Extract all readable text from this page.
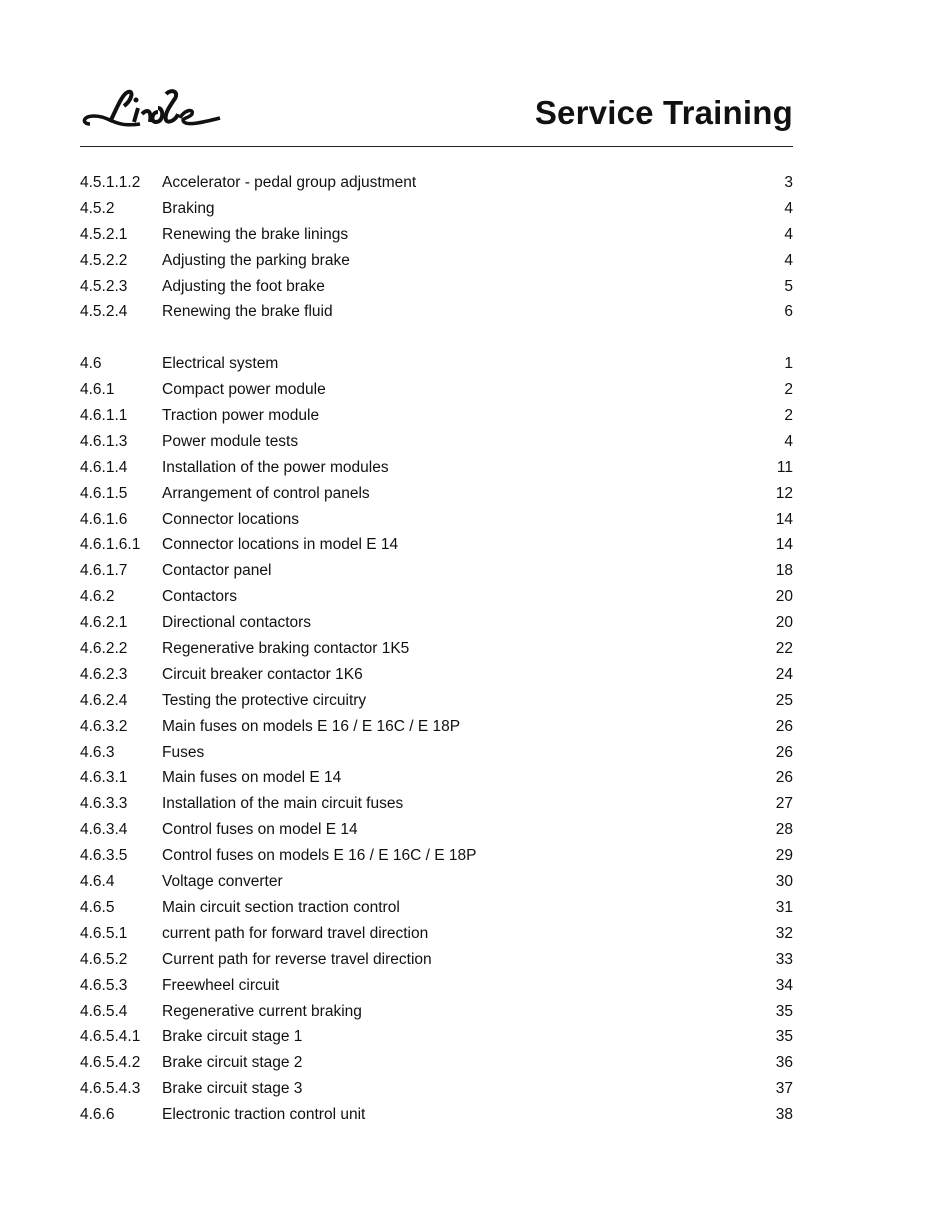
Service Training
4.5.1.1.2 Accelerator - pedal group adjustment	3
4.5.2	Braking	4
4.5.2.1 Renewing the brake linings	4
4.5.2.2 Adjusting the parking brake	4
4.5.2.3 Adjusting the foot brake	5
4.5.2.4 Renewing the brake fluid	6
4.6	Electrical system	1
4.6.1	Compact power module	2
4.6.1.1 Traction power module	2
4.6.1.3 Power module tests	4
4.6.1.4 Installation of the power modules	11
4.6.1.5 Arrangement of control panels	12
4.6.1.6 Connector locations	14
4.6.1.6.1 Connector locations in model E 14	14
4.6.1.7 Contactor panel	18
4.6.2	Contactors	20
4.6.2.1 Directional contactors	20
4.6.2.2 Regenerative braking contactor 1K5	22
4.6.2.3 Circuit breaker contactor 1K6	24
4.6.2.4 Testing the protective circuitry	25
4.6.3.2 Main fuses on models E 16 / E 16C / E 18P	26
4.6.3	Fuses	26
4.6.3.1 Main fuses on model E 14	26
4.6.3.3 Installation of the main circuit fuses	27
4.6.3.4 Control fuses on model E 14	28
4.6.3.5 Control fuses on models E 16 / E 16C / E 18P	29
4.6.4	Voltage converter	30
4.6.5	Main circuit section traction control	31
4.6.5.1 current path for forward travel direction	32
4.6.5.2 Current path for reverse travel direction	33
4.6.5.3 Freewheel circuit	34
4.6.5.4 Regenerative current braking	35
4.6.5.4.1 Brake circuit stage 1	35
4.6.5.4.2 Brake circuit stage 2	36
4.6.5.4.3 Brake circuit stage 3	37
4.6.6	Electronic traction control unit	38
